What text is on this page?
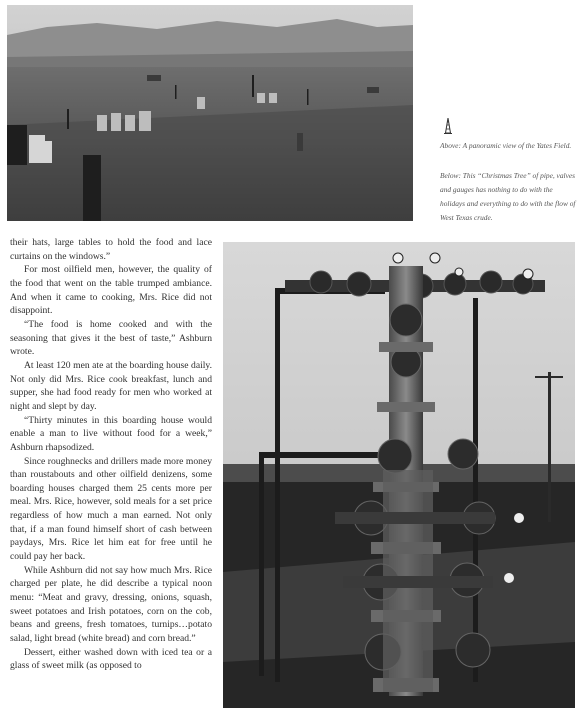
Above: A panoramic view of the Yates Field.
Below: This “Christmas Tree” of pipe, valves and gauges has nothing to do with the holidays and everything to do with the flow of West Texas crude.

their hats, large tables to hold the food and lace curtains on the windows.”

For most oilfield men, however, the quality of the food that went on the table trumped ambiance. And when it came to cooking, Mrs. Rice did not disappoint.

“The food is home cooked and with the seasoning that gives it the best of taste,” Ashburn wrote.

At least 120 men ate at the boarding house daily. Not only did Mrs. Rice cook breakfast, lunch and supper, she had food ready for men who worked at night and slept by day.

“Thirty minutes in this boarding house would enable a man to live without food for a week,” Ashburn rhapsodized.

Since roughnecks and drillers made more money than roustabouts and other oilfield denizens, some boarding houses charged them 25 cents more per meal. Mrs. Rice, however, sold meals for a set price regardless of how much a man earned. Not only that, if a man found himself short of cash between paydays, Mrs. Rice let him eat for free until he could pay her back.

While Ashburn did not say how much Mrs. Rice charged per plate, he did describe a typical noon menu: “Meat and gravy, dressing, onions, squash, sweet potatoes and Irish potatoes, corn on the cob, beans and greens, fresh tomatoes, turnips…potato salad, light bread (white bread) and corn bread.”

Dessert, either washed down with iced tea or a glass of sweet milk (as opposed to
